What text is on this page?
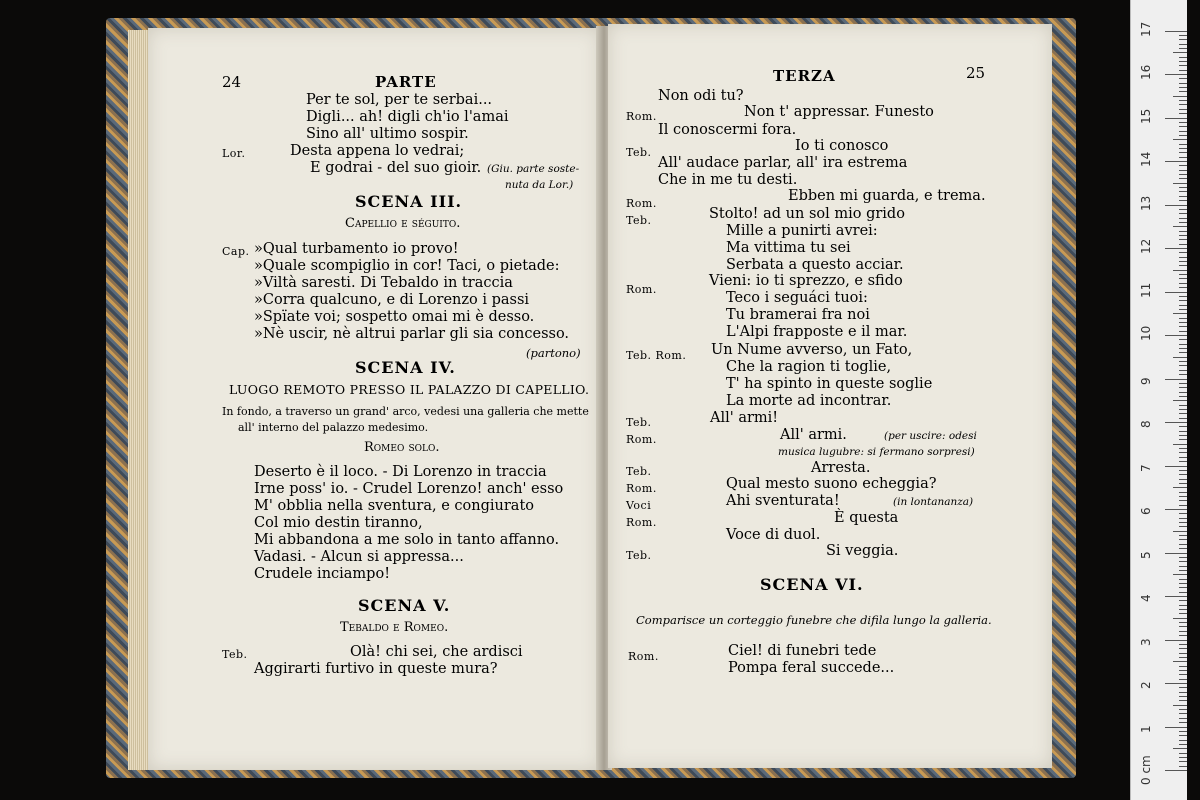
24	PARTE
Per te sol, per te serbai...
Digli... ah! digli ch'io l'amai
Sino all' ultimo sospir.
Lor.	Desta appena lo vedrai;
E godrai - del suo gioir. (Giu. parte soste-
nuta da Lor.)
SCENA III.
Capellio e séguito.
Cap. »Qual turbamento io provo!
»Quale scompiglio in cor! Taci, o pietade:
»Viltà saresti. Di Tebaldo in traccia
»Corra qualcuno, e di Lorenzo i passi
»Spïate voi; sospetto omai mi è desso.
»Nè uscir, nè altrui parlar gli sia concesso.
(partono)
SCENA IV.
LUOGO REMOTO PRESSO IL PALAZZO DI CAPELLIO.
In fondo, a traverso un grand' arco, vedesi una galleria che mette
all' interno del palazzo medesimo.
Romeo solo.
Deserto è il loco. - Di Lorenzo in traccia
Irne poss' io. - Crudel Lorenzo! anch' esso
M' obblia nella sventura, e congiurato
Col mio destin tiranno,
Mi abbandona a me solo in tanto affanno.
Vadasi. - Alcun si appressa...
Crudele inciampo!
SCENA V.
Tebaldo e Romeo.
Teb.	Olà! chi sei, che ardisci
Aggirarti furtivo in queste mura?
TERZA	25
Non odi tu?
Rom.	Non t' appressar. Funesto
Il conoscermi fora.
Teb.	Io ti conosco
All' audace parlar, all' ira estrema
Che in me tu desti.
Rom.	Ebben mi guarda, e trema.
Teb.	Stolto! ad un sol mio grido
Mille a punirti avrei:
Ma vittima tu sei
Serbata a questo acciar.
Rom.
Vieni: io ti sprezzo, e sfido
Teco i seguáci tuoi:
Tu bramerai fra noi
L'Alpi frapposte e il mar.
Teb. Rom. Un Nume avverso, un Fato,
Che la ragion ti toglie,
T' ha spinto in queste soglie
La morte ad incontrar.
Teb.	All' armi!
Rom.	All' armi.	(per uscire: odesi
musica lugubre: si fermano sorpresi)
Teb.	Arresta.
Rom.	Qual mesto suono echeggia?
Voci	Ahi sventurata!	(in lontananza)
Rom.	È questa
Voce di duol.
Teb.	Si veggia.
SCENA VI.
Comparisce un corteggio funebre che difila lungo la galleria.
Rom.	Ciel! di funebri tede
Pompa feral succede...
0 cm
1
2
3
4
5
6
7
8
9
10
11
12
13
14
15
16
17
